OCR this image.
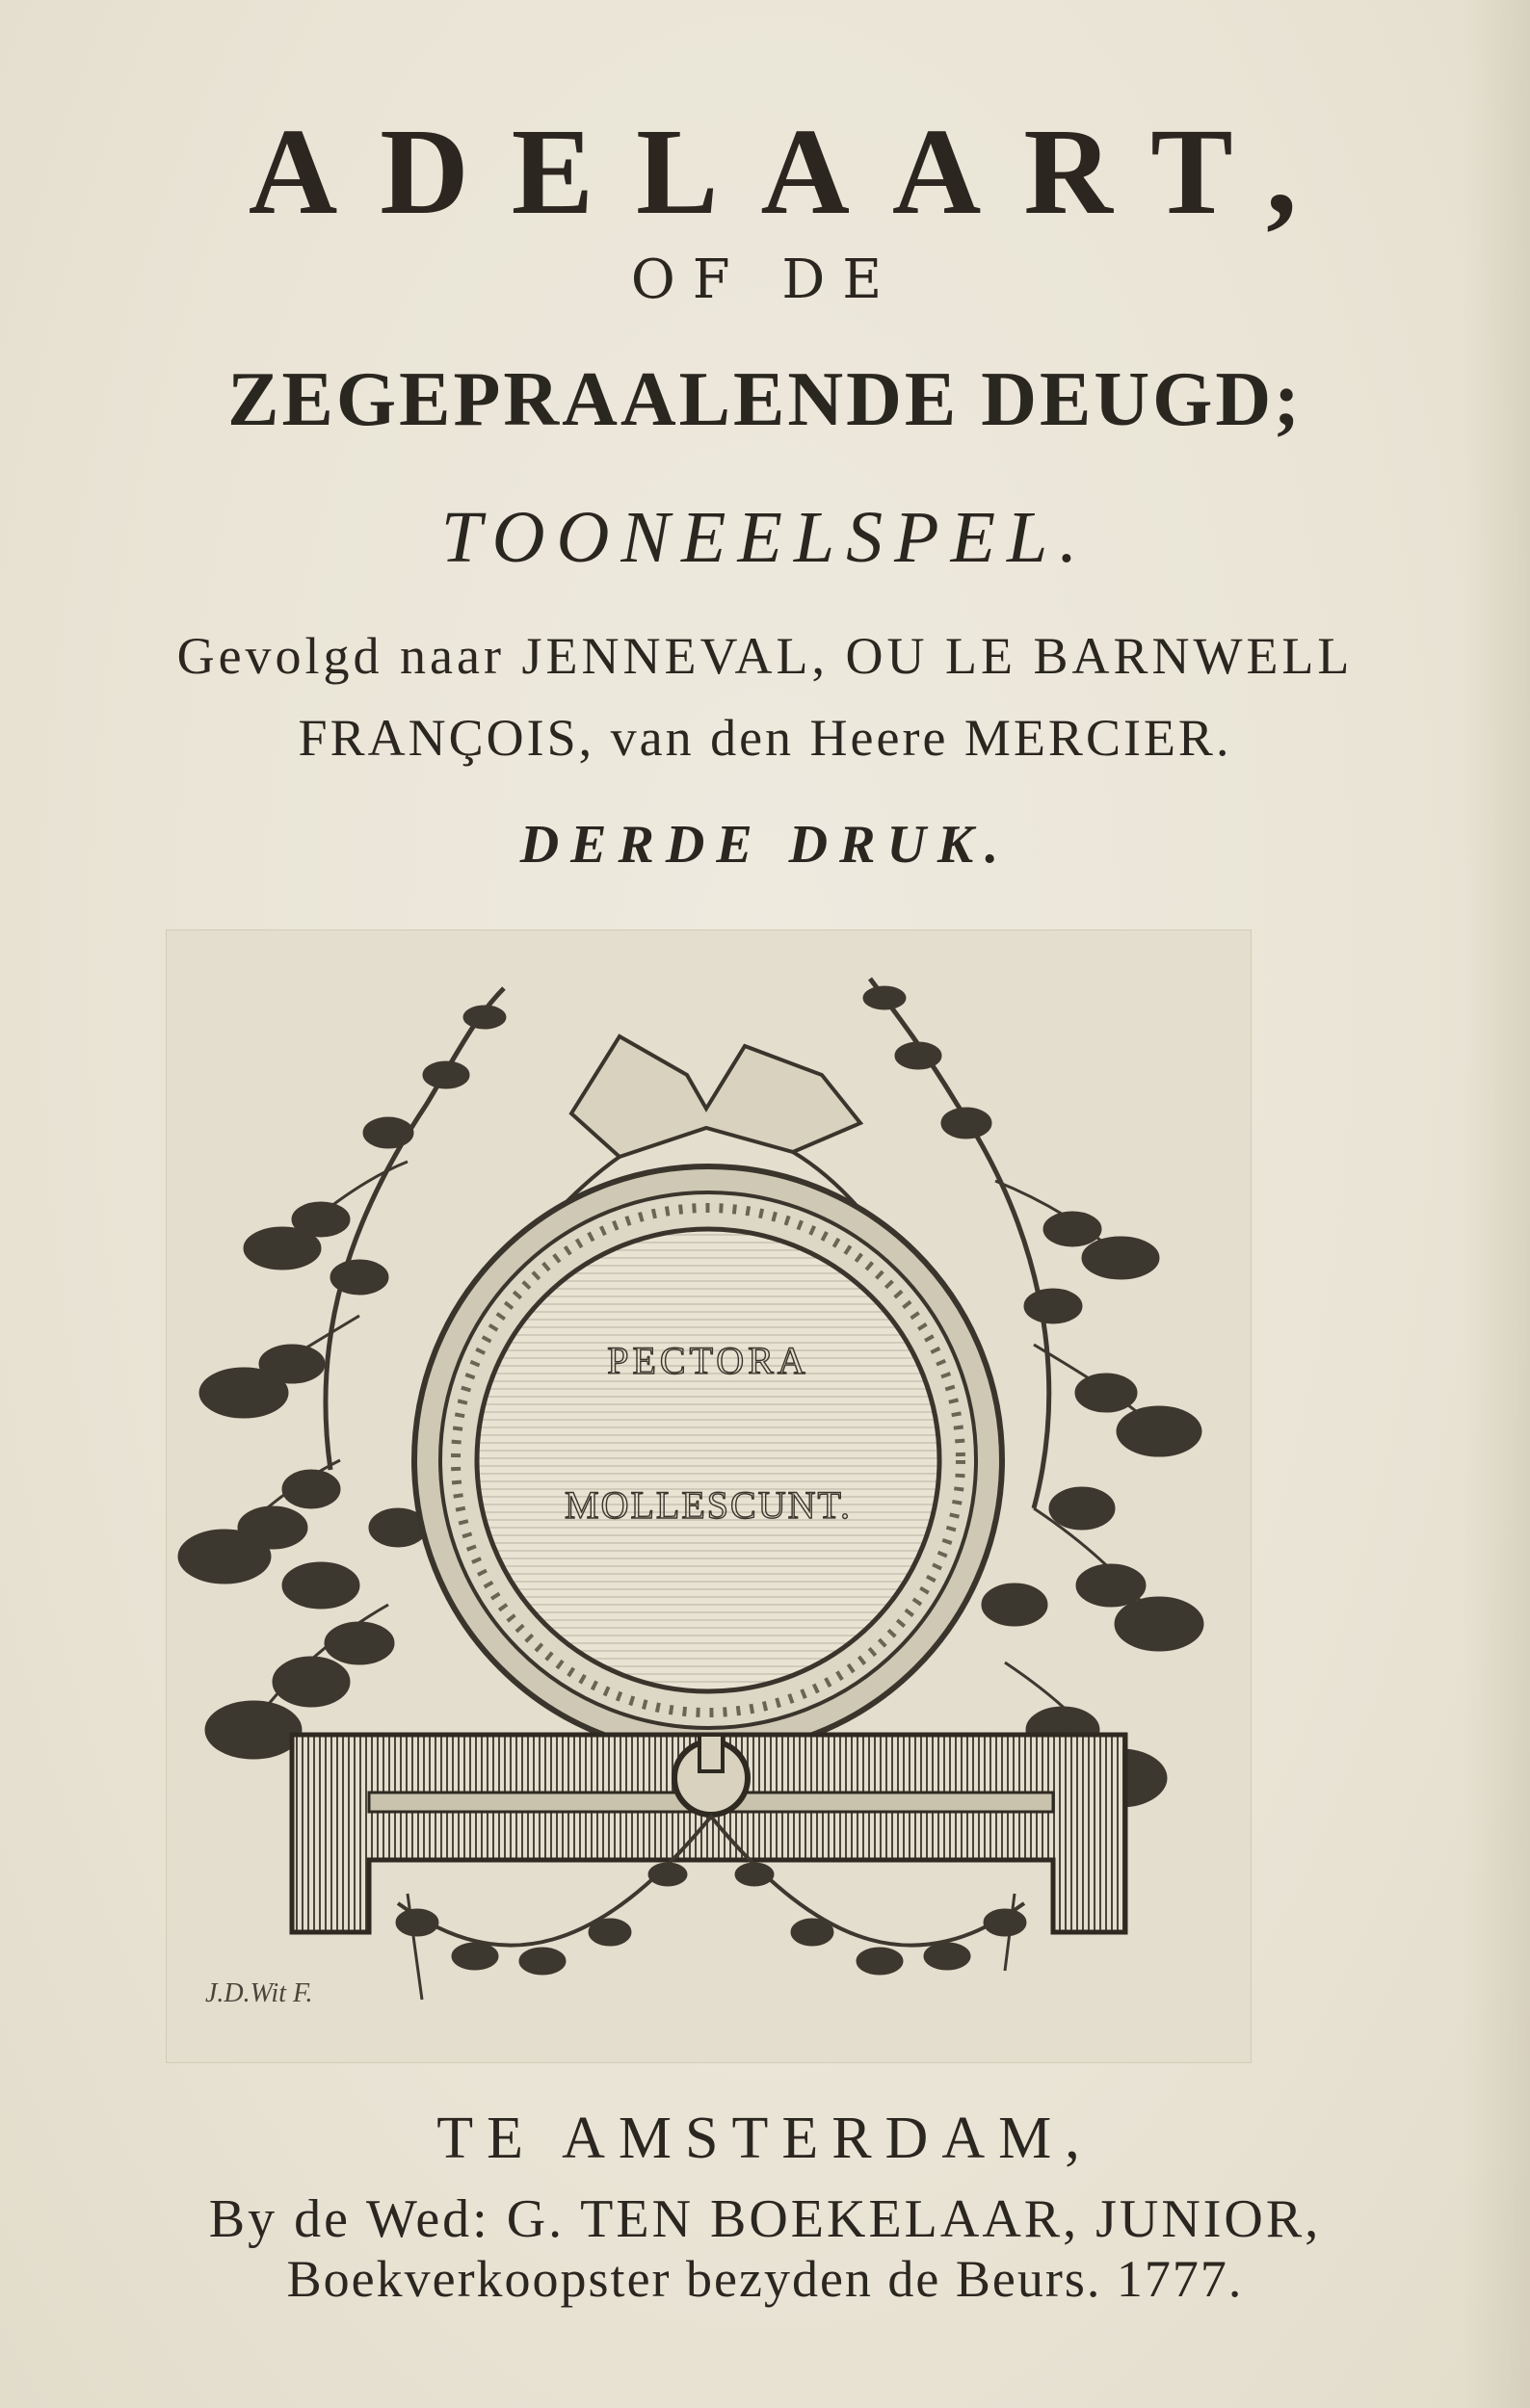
ADELAART,
OF DE
ZEGEPRAALENDE DEUGD;
TOONEELSPEL.
Gevolgd naar JENNEVAL, OU LE BARNWELL
FRANÇOIS, van den Heere MERCIER.
DERDE DRUK.
PECTORA
MOLLESCUNT.
J.D.Wit F.
TE AMSTERDAM,
By de Wed: G. TEN BOEKELAAR, JUNIOR,
Boekverkoopster bezyden de Beurs. 1777.
